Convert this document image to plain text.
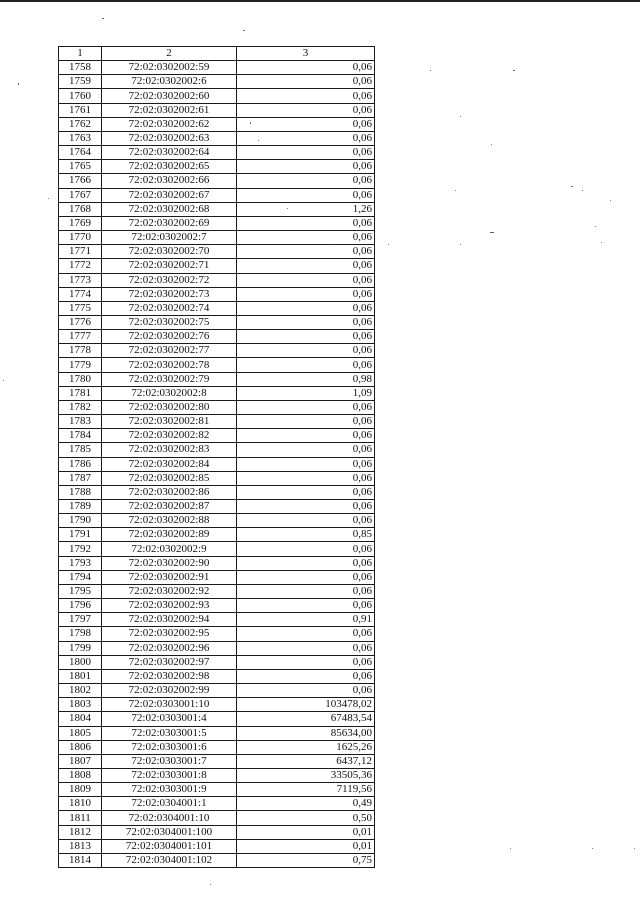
1	2	3
1758	72:02:0302002:59	0,06
1759	72:02:0302002:6	0,06
1760	72:02:0302002:60	0,06
1761	72:02:0302002:61	0,06
1762	72:02:0302002:62	0,06
1763	72:02:0302002:63	0,06
1764	72:02:0302002:64	0,06
1765	72:02:0302002:65	0,06
1766	72:02:0302002:66	0,06
1767	72:02:0302002:67	0,06
1768	72:02:0302002:68	1,26
1769	72:02:0302002:69	0,06
1770	72:02:0302002:7	0,06
1771	72:02:0302002:70	0,06
1772	72:02:0302002:71	0,06
1773	72:02:0302002:72	0,06
1774	72:02:0302002:73	0,06
1775	72:02:0302002:74	0,06
1776	72:02:0302002:75	0,06
1777	72:02:0302002:76	0,06
1778	72:02:0302002:77	0,06
1779	72:02:0302002:78	0,06
1780	72:02:0302002:79	0,98
1781	72:02:0302002:8	1,09
1782	72:02:0302002:80	0,06
1783	72:02:0302002:81	0,06
1784	72:02:0302002:82	0,06
1785	72:02:0302002:83	0,06
1786	72:02:0302002:84	0,06
1787	72:02:0302002:85	0,06
1788	72:02:0302002:86	0,06
1789	72:02:0302002:87	0,06
1790	72:02:0302002:88	0,06
1791	72:02:0302002:89	0,85
1792	72:02:0302002:9	0,06
1793	72:02:0302002:90	0,06
1794	72:02:0302002:91	0,06
1795	72:02:0302002:92	0,06
1796	72:02:0302002:93	0,06
1797	72:02:0302002:94	0,91
1798	72:02:0302002:95	0,06
1799	72:02:0302002:96	0,06
1800	72:02:0302002:97	0,06
1801	72:02:0302002:98	0,06
1802	72:02:0302002:99	0,06
1803	72:02:0303001:10	103478,02
1804	72:02:0303001:4	67483,54
1805	72:02:0303001:5	85634,00
1806	72:02:0303001:6	1625,26
1807	72:02:0303001:7	6437,12
1808	72:02:0303001:8	33505,36
1809	72:02:0303001:9	7119,56
1810	72:02:0304001:1	0,49
1811	72:02:0304001:10	0,50
1812	72:02:0304001:100	0,01
1813	72:02:0304001:101	0,01
1814	72:02:0304001:102	0,75
